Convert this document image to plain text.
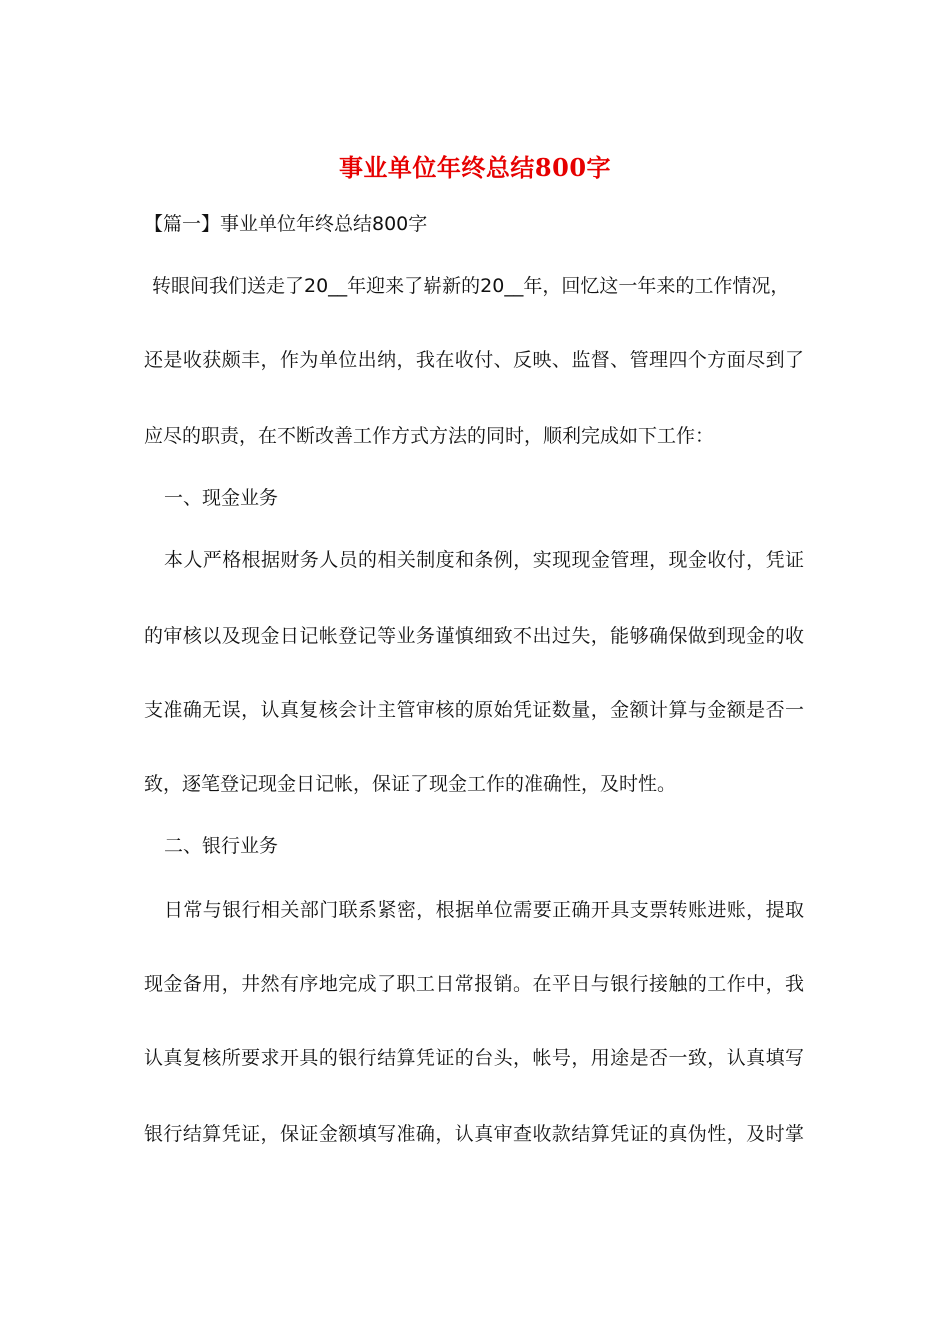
事业单位年终总结800字
【篇一】事业单位年终总结800字
转眼间我们送走了20__年迎来了崭新的20__年，回忆这一年来的工作情况，
还是收获颇丰，作为单位出纳，我在收付、反映、监督、管理四个方面尽到了
应尽的职责，在不断改善工作方式方法的同时，顺利完成如下工作：
一、现金业务
本人严格根据财务人员的相关制度和条例，实现现金管理，现金收付，凭证
的审核以及现金日记帐登记等业务谨慎细致不出过失，能够确保做到现金的收
支准确无误，认真复核会计主管审核的原始凭证数量，金额计算与金额是否一
致，逐笔登记现金日记帐，保证了现金工作的准确性，及时性。
二、银行业务
日常与银行相关部门联系紧密，根据单位需要正确开具支票转账进账，提取
现金备用，井然有序地完成了职工日常报销。在平日与银行接触的工作中，我
认真复核所要求开具的银行结算凭证的台头，帐号，用途是否一致，认真填写
银行结算凭证，保证金额填写准确，认真审查收款结算凭证的真伪性，及时掌
